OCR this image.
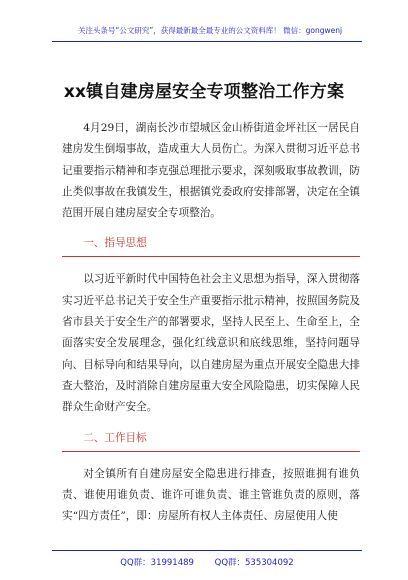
关注头条号“公文研究”，获得最新最全最专业的公文资料库！ 微信：gongwenj
xx镇自建房屋安全专项整治工作方案

4月29日，湖南长沙市望城区金山桥街道金坪社区一居民自建房发生倒塌事故，造成重大人员伤亡。为深入贯彻习近平总书记重要指示精神和李克强总理批示要求，深刻吸取事故教训，防止类似事故在我镇发生，根据镇党委政府安排部署，决定在全镇范围开展自建房屋安全专项整治。

一、指导思想

以习近平新时代中国特色社会主义思想为指导，深入贯彻落实习近平总书记关于安全生产重要指示批示精神，按照国务院及省市县关于安全生产的部署要求，坚持人民至上、生命至上，全面落实安全发展理念，强化红线意识和底线思维，坚持问题导向、目标导向和结果导向，以自建房屋为重点开展安全隐患大排查大整治，及时消除自建房屋重大安全风险隐患，切实保障人民群众生命财产安全。

二、工作目标

对全镇所有自建房屋安全隐患进行排查，按照谁拥有谁负责、谁使用谁负责、谁许可谁负责、谁主管谁负责的原则，落实“四方责任”，即：房屋所有权人主体责任、房屋使用人使

QQ群：31991489 QQ群：535304092
